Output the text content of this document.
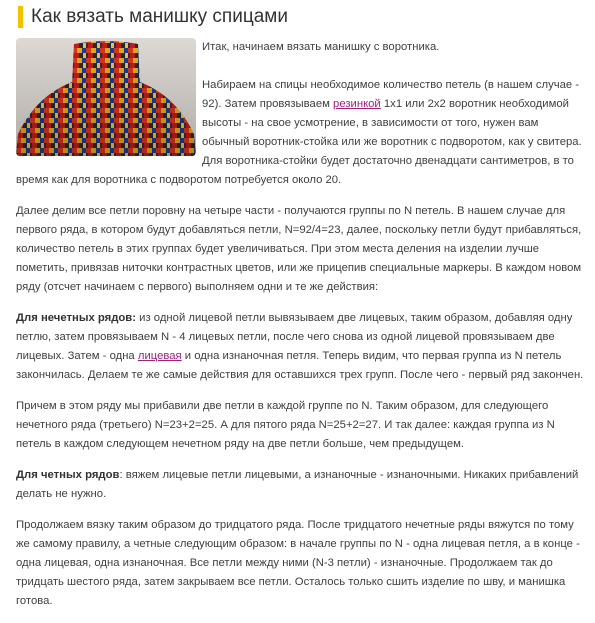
Как вязать манишку спицами

Итак, начинаем вязать манишку с воротника.

Набираем на спицы необходимое количество петель (в нашем случае - 92). Затем провязываем резинкой 1х1 или 2х2 воротник необходимой высоты - на свое усмотрение, в зависимости от того, нужен вам обычный воротник-стойка или же воротник с подворотом, как у свитера. Для воротника-стойки будет достаточно двенадцати сантиметров, в то время как для воротника с подворотом потребуется около 20.

Далее делим все петли поровну на четыре части - получаются группы по N петель. В нашем случае для первого ряда, в котором будут добавляться петли, N=92/4=23, далее, поскольку петли будут прибавляться, количество петель в этих группах будет увеличиваться. При этом места деления на изделии лучше пометить, привязав ниточки контрастных цветов, или же прицепив специальные маркеры. В каждом новом ряду (отсчет начинаем с первого) выполняем одни и те же действия:

Для нечетных рядов: из одной лицевой петли вывязываем две лицевых, таким образом, добавляя одну петлю, затем провязываем N - 4 лицевых петли, после чего снова из одной лицевой провязываем две лицевых. Затем - одна лицевая и одна изнаночная петля. Теперь видим, что первая группа из N петель закончилась. Делаем те же самые действия для оставшихся трех групп. После чего - первый ряд закончен.

Причем в этом ряду мы прибавили две петли в каждой группе по N. Таким образом, для следующего нечетного ряда (третьего) N=23+2=25. А для пятого ряда N=25+2=27. И так далее: каждая группа из N петель в каждом следующем нечетном ряду на две петли больше, чем предыдущем.

Для четных рядов: вяжем лицевые петли лицевыми, а изнаночные - изнаночными. Никаких прибавлений делать не нужно.

Продолжаем вязку таким образом до тридцатого ряда. После тридцатого нечетные ряды вяжутся по тому же самому правилу, а четные следующим образом: в начале группы по N - одна лицевая петля, а в конце - одна лицевая, одна изнаночная. Все петли между ними (N-3 петли) - изнаночные. Продолжаем так до тридцать шестого ряда, затем закрываем все петли. Осталось только сшить изделие по шву, и манишка готова.
